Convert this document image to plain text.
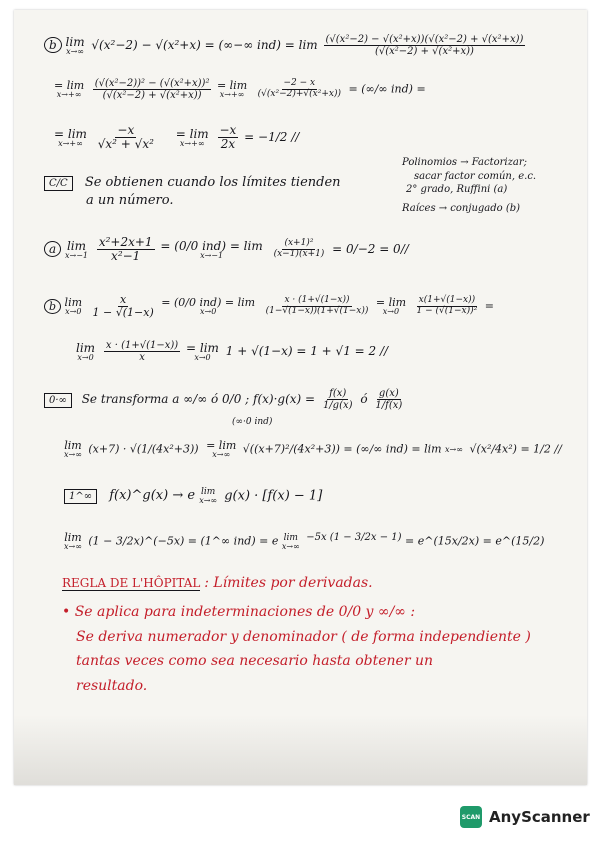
b lim
x→∞ √(x²−2) − √(x²+x) = (∞−∞ $ind) = \lim \frac{\text{(√(x²−2) − √(x²+x))(√(x²−2) + √(x²+x))}}{\text{(√(x²−2) + √(x²+x))}}$
= lim
x→+∞
$\frac{\text{(√(x²−2))² − (√(x²+x))²}}{\text{(√(x²−2) + √(x²+x))}}$
= lim
x→+∞
$\frac{-2 - x}{\text{(√(x²−2)+√(x²+x))}}$ = (∞/∞ ind) =
= lim
x→+∞
$\frac{-x}{\text{√x² + √x²}}$
= lim
x→+∞
$\frac{-x}{2x} = -1/2$ //
Polinomios → Factorizar;
sacar factor común, e.c.
2° grado, Ruffini (a)
Raíces → conjugado (b)
C/C Se obtienen cuando los límites tienden
a un número.
a lim
x→−1
$\frac{\text{x²+2x+1}}{\text{x²−1}}$
= (0/0 ind) = lim
x→−1
	$\frac{\text{(x+1)²}}{(x-1)(x+1)} = 0/-2 = 0//$
b lim
x→0
$\frac{x}{1 - √(1-x)}$
= (0/0 ind) = lim
x→0
	$\frac{x \cdot (1+√(1-x))}{(1-√(1-x))(1+√(1-x))}$
= lim
x→0
$\frac{x(1+√(1-x))}{\text{1 − (√(1−x))²}}$ =
lim
x→0
$\frac{x \cdot (1+√(1-x))}{x}$
= lim
x→0 1 + √(1−x) = 1 + √1 = 2 //
0·∞ Se transforma a ∞/∞ ó 0/0 ; $f(x)\cdot g(x) = \frac{f(x)}{1/g(x)}$ ó $\frac{g(x)}{1/f(x)}$
(∞·0 ind)
lim
x→∞ (x+7) · √(1/(4x²+3)) = lim
x→∞ √((x+7)²/(4x²+3)) = (∞/∞ ind) = lim x→∞ √(x²/4x²) = 1/2 //
1^∞ f(x)^g(x) → e lim
x→∞ g(x) · [f(x) − 1]
lim
x→∞ (1 − 3/2x)^(−5x) = (1^∞ ind) = e lim
x→∞
−5x (1 − 3/2x − 1) = e^(15x/2x) = e^(15/2)
REGLA DE L'HÔPITAL : Límites por derivadas.
• Se aplica para indeterminaciones de 0/0 y ∞/∞ :
Se deriva numerador y denominador ( de forma independiente )
tantas veces como sea necesario hasta obtener un
resultado.
SCAN AnyScanner
